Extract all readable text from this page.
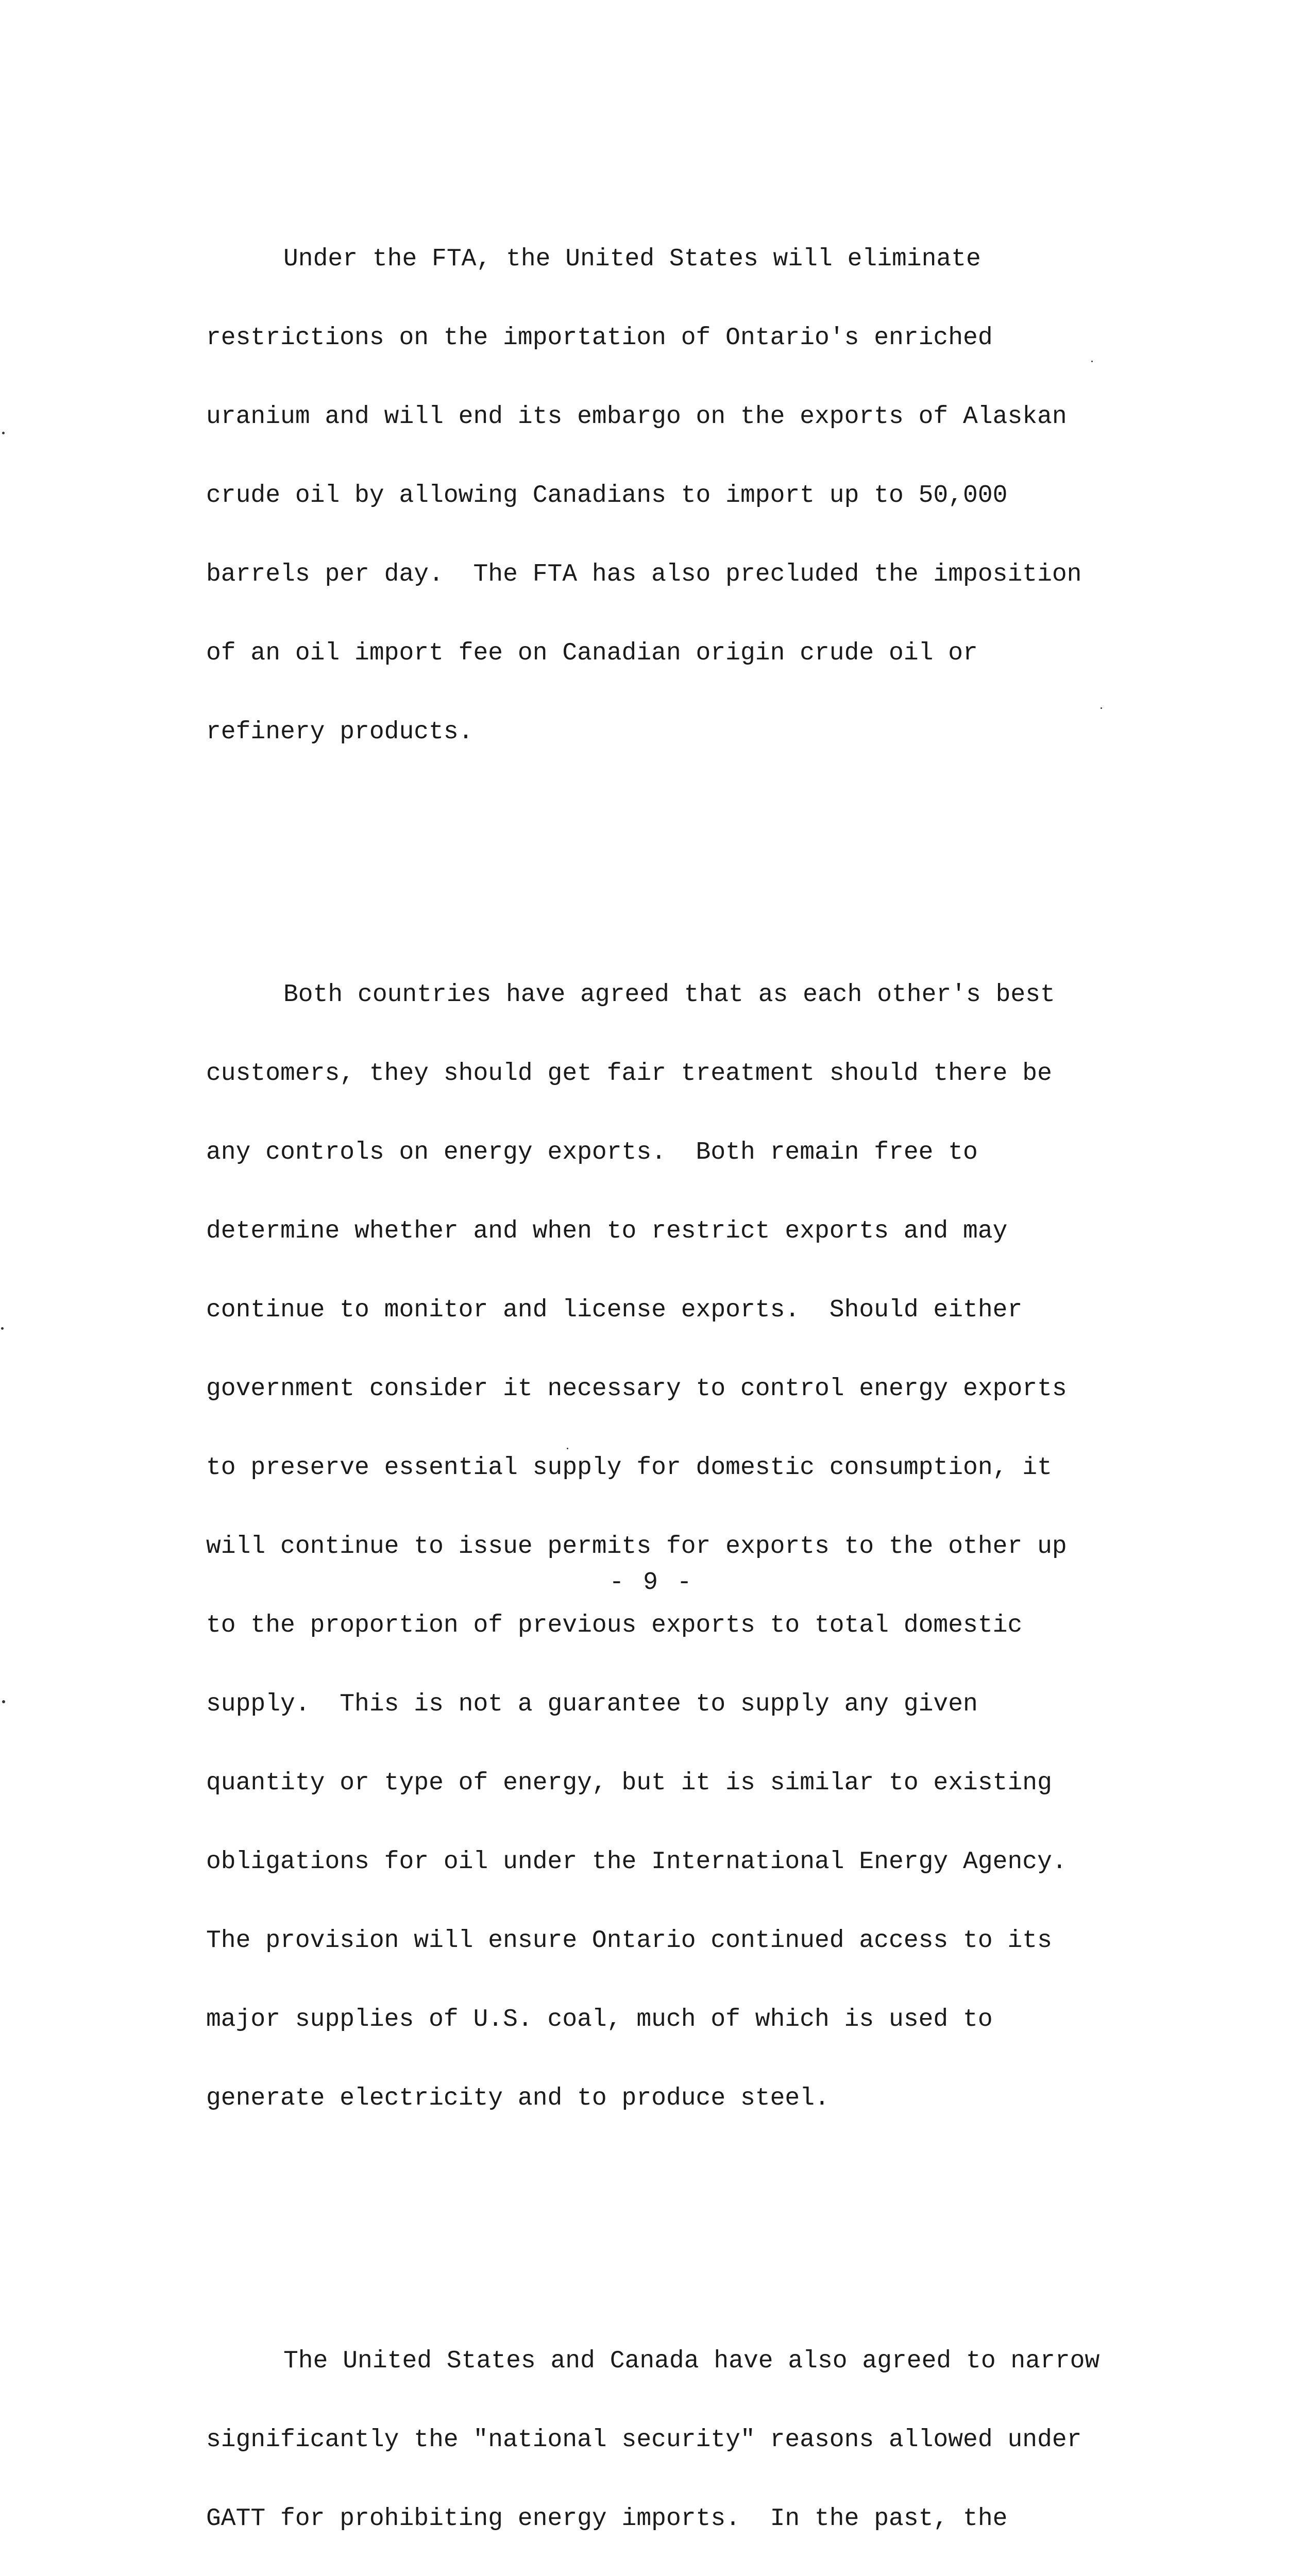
Under the FTA, the United States will eliminate

restrictions on the importation of Ontario's enriched

uranium and will end its embargo on the exports of Alaskan

crude oil by allowing Canadians to import up to 50,000

barrels per day.  The FTA has also precluded the imposition

of an oil import fee on Canadian origin crude oil or

refinery products.

Both countries have agreed that as each other's best

customers, they should get fair treatment should there be

any controls on energy exports.  Both remain free to

determine whether and when to restrict exports and may

continue to monitor and license exports.  Should either

government consider it necessary to control energy exports

to preserve essential supply for domestic consumption, it

will continue to issue permits for exports to the other up

to the proportion of previous exports to total domestic

supply.  This is not a guarantee to supply any given

quantity or type of energy, but it is similar to existing

obligations for oil under the International Energy Agency.

The provision will ensure Ontario continued access to its

major supplies of U.S. coal, much of which is used to

generate electricity and to produce steel.

The United States and Canada have also agreed to narrow

significantly the "national security" reasons allowed under

GATT for prohibiting energy imports.  In the past, the

- 9 -
